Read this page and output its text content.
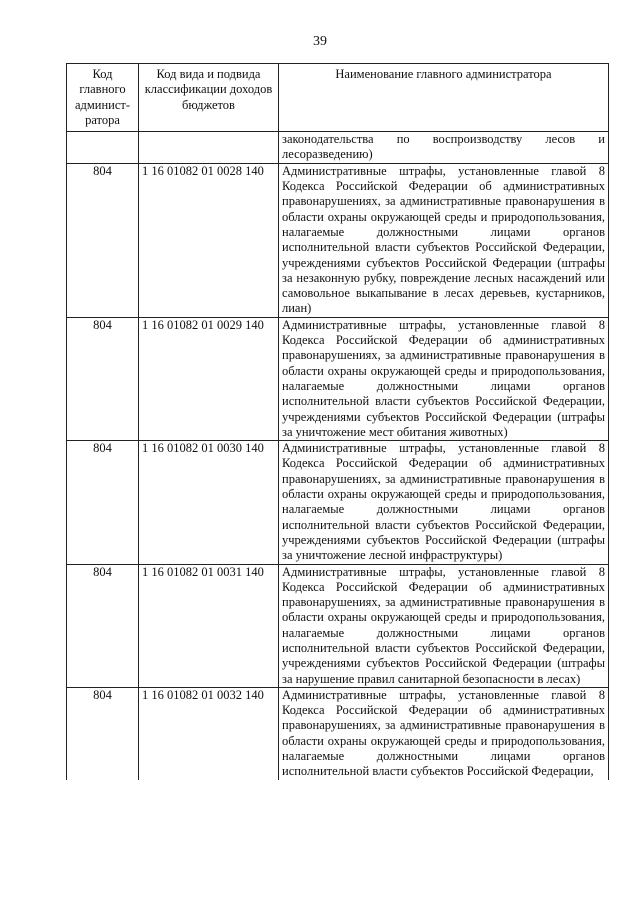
39
Код главного админист-ратора	Код вида и подвида классификации доходов бюджетов	Наименование главного администратора
		законодательства по воспроизводству лесов и лесоразведению)
804	1 16 01082 01 0028 140	Административные штрафы, установленные главой 8 Кодекса Российской Федерации об административных правонарушениях, за административные правонарушения в области охраны окружающей среды и природопользования, налагаемые должностными лицами органов исполнительной власти субъектов Российской Федерации, учреждениями субъектов Российской Федерации (штрафы за незаконную рубку, повреждение лесных насаждений или самовольное выкапывание в лесах деревьев, кустарников, лиан)
804	1 16 01082 01 0029 140	Административные штрафы, установленные главой 8 Кодекса Российской Федерации об административных правонарушениях, за административные правонарушения в области охраны окружающей среды и природопользования, налагаемые должностными лицами органов исполнительной власти субъектов Российской Федерации, учреждениями субъектов Российской Федерации (штрафы за уничтожение мест обитания животных)
804	1 16 01082 01 0030 140	Административные штрафы, установленные главой 8 Кодекса Российской Федерации об административных правонарушениях, за административные правонарушения в области охраны окружающей среды и природопользования, налагаемые должностными лицами органов исполнительной власти субъектов Российской Федерации, учреждениями субъектов Российской Федерации (штрафы за уничтожение лесной инфраструктуры)
804	1 16 01082 01 0031 140	Административные штрафы, установленные главой 8 Кодекса Российской Федерации об административных правонарушениях, за административные правонарушения в области охраны окружающей среды и природопользования, налагаемые должностными лицами органов исполнительной власти субъектов Российской Федерации, учреждениями субъектов Российской Федерации (штрафы за нарушение правил санитарной безопасности в лесах)
804	1 16 01082 01 0032 140	Административные штрафы, установленные главой 8 Кодекса Российской Федерации об административных правонарушениях, за административные правонарушения в области охраны окружающей среды и природопользования, налагаемые должностными лицами органов исполнительной власти субъектов Российской Федерации,
